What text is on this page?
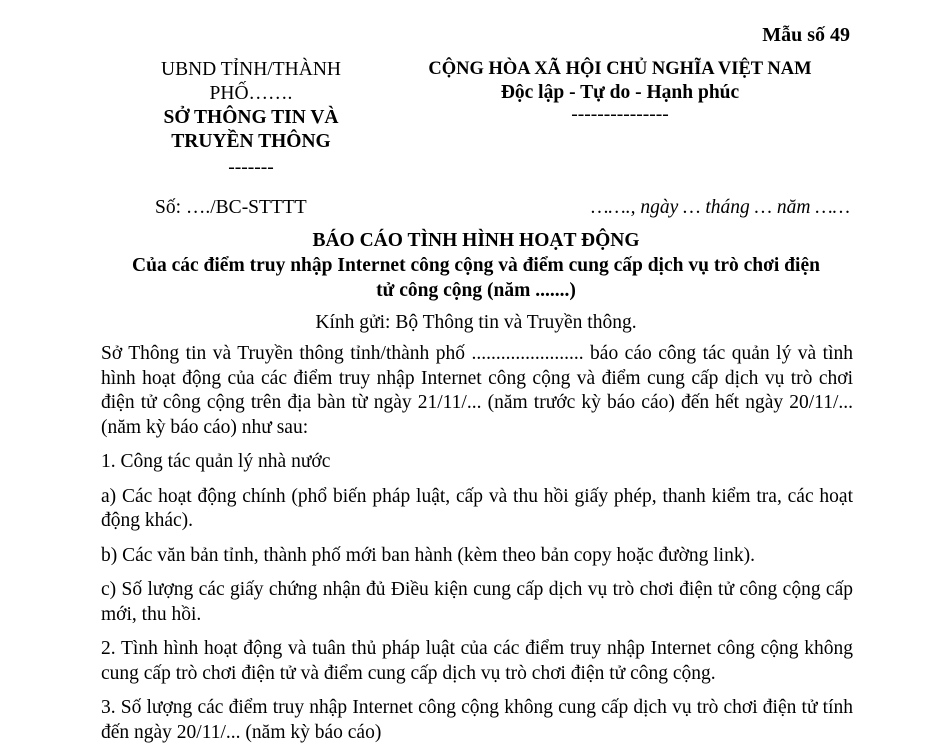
Mẫu số 49
UBND TỈNH/THÀNH
PHỐ…….
SỞ THÔNG TIN VÀ
TRUYỀN THÔNG
-------
CỘNG HÒA XÃ HỘI CHỦ NGHĨA VIỆT NAM
Độc lập - Tự do - Hạnh phúc
---------------
Số: …./BC-STTTT	……., ngày … tháng … năm ……
BÁO CÁO TÌNH HÌNH HOẠT ĐỘNG
Của các điểm truy nhập Internet công cộng và điểm cung cấp dịch vụ trò chơi điện
tử công cộng (năm .......)
Kính gửi: Bộ Thông tin và Truyền thông.

Sở Thông tin và Truyền thông tỉnh/thành phố ....................... báo cáo công tác quản lý và tình hình hoạt động của các điểm truy nhập Internet công cộng và điểm cung cấp dịch vụ trò chơi điện tử công cộng trên địa bàn từ ngày 21/11/... (năm trước kỳ báo cáo) đến hết ngày 20/11/... (năm kỳ báo cáo) như sau:

1. Công tác quản lý nhà nước

a) Các hoạt động chính (phổ biến pháp luật, cấp và thu hồi giấy phép, thanh kiểm tra, các hoạt động khác).

b) Các văn bản tỉnh, thành phố mới ban hành (kèm theo bản copy hoặc đường link).

c) Số lượng các giấy chứng nhận đủ Điều kiện cung cấp dịch vụ trò chơi điện tử công cộng cấp mới, thu hồi.

2. Tình hình hoạt động và tuân thủ pháp luật của các điểm truy nhập Internet công cộng không cung cấp trò chơi điện tử và điểm cung cấp dịch vụ trò chơi điện tử công cộng.

3. Số lượng các điểm truy nhập Internet công cộng không cung cấp dịch vụ trò chơi điện tử tính đến ngày 20/11/... (năm kỳ báo cáo)
